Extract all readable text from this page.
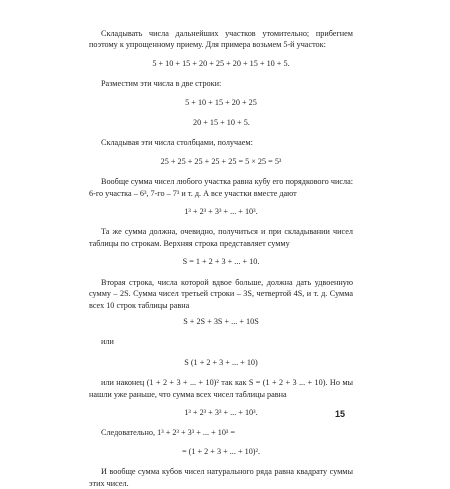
Складывать числа дальнейших участков утомительно; прибегнем поэтому к упрощенному приему. Для примера возьмем 5-й участок:

5 + 10 + 15 + 20 + 25 + 20 + 15 + 10 + 5.

Разместим эти числа в две строки:

5 + 10 + 15 + 20 + 25

20 + 15 + 10 + 5.

Складывая эти числа столбцами, получаем:

25 + 25 + 25 + 25 + 25 = 5 × 25 = 5³

Вообще сумма чисел любого участка равна кубу его порядкового числа: 6-го участка – 6³, 7-го – 7³ и т. д. А все участки вместе дают

1³ + 2³ + 3³ + ... + 10³.

Та же сумма должна, очевидно, получиться и при складывании чисел таблицы по строкам. Верхняя строка представляет сумму

S = 1 + 2 + 3 + ... + 10.

Вторая строка, числа которой вдвое больше, должна дать удвоенную сумму – 2S. Сумма чисел третьей строки – 3S, четвертой 4S, и т. д. Сумма всех 10 строк таблицы равна

S + 2S + 3S + ... + 10S

или

S (1 + 2 + 3 + ... + 10)

или наконец (1 + 2 + 3 + ... + 10)² так как S = (1 + 2 + 3 ... + 10). Но мы нашли уже раньше, что сумма всех чисел таблицы равна

1³ + 2³ + 3³ + ... + 10³.

Следовательно, 1³ + 2³ + 3³ + ... + 10³ =

= (1 + 2 + 3 + ... + 10)².

И вообще сумма кубов чисел натурального ряда равна квадрату суммы этих чисел.

15
